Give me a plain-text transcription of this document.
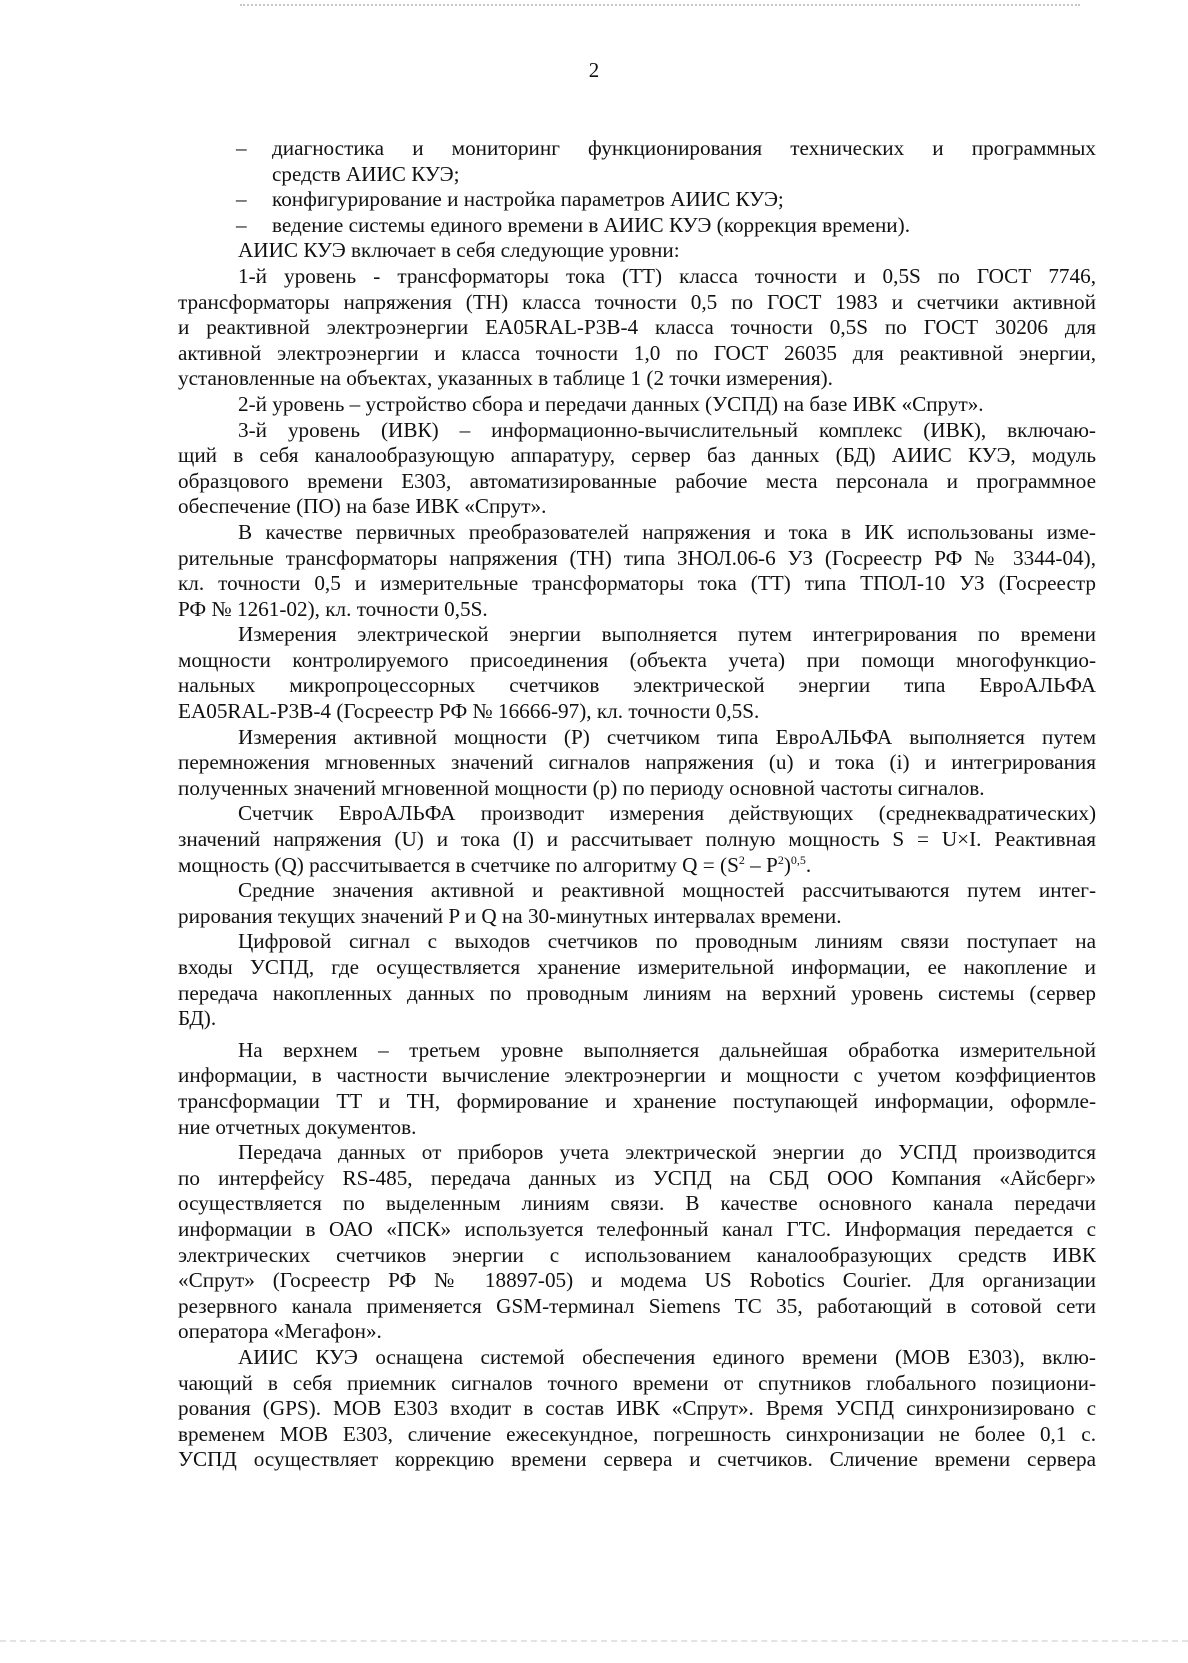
2
– диагностика и мониторинг функционирования технических и программных
средств АИИС КУЭ;
– конфигурирование и настройка параметров АИИС КУЭ;
– ведение системы единого времени в АИИС КУЭ (коррекция времени).
АИИС КУЭ включает в себя следующие уровни:
1-й уровень - трансформаторы тока (ТТ) класса точности и 0,5S по ГОСТ 7746,
трансформаторы напряжения (ТН) класса точности 0,5 по ГОСТ 1983 и счетчики активной
и реактивной электроэнергии EA05RAL-P3B-4 класса точности 0,5S по ГОСТ 30206 для
активной электроэнергии и класса точности 1,0 по ГОСТ 26035 для реактивной энергии,
установленные на объектах, указанных в таблице 1 (2 точки измерения).
2-й уровень – устройство сбора и передачи данных (УСПД) на базе ИВК «Спрут».
3-й уровень (ИВК) – информационно-вычислительный комплекс (ИВК), включаю-
щий в себя каналообразующую аппаратуру, сервер баз данных (БД) АИИС КУЭ, модуль
образцового времени Е303, автоматизированные рабочие места персонала и программное
обеспечение (ПО) на базе ИВК «Спрут».
В качестве первичных преобразователей напряжения и тока в ИК использованы изме-
рительные трансформаторы напряжения (ТН) типа ЗНОЛ.06-6 УЗ (Госреестр РФ № 3344-04),
кл. точности 0,5 и измерительные трансформаторы тока (ТТ) типа ТПОЛ-10 УЗ (Госреестр
РФ № 1261-02), кл. точности 0,5S.
Измерения электрической энергии выполняется путем интегрирования по времени
мощности контролируемого присоединения (объекта учета) при помощи многофункцио-
нальных микропроцессорных счетчиков электрической энергии типа ЕвроАЛЬФА
ЕА05RAL-P3B-4 (Госреестр РФ № 16666-97), кл. точности 0,5S.
Измерения активной мощности (Р) счетчиком типа ЕвроАЛЬФА выполняется путем
перемножения мгновенных значений сигналов напряжения (u) и тока (i) и интегрирования
полученных значений мгновенной мощности (p) по периоду основной частоты сигналов.
Счетчик ЕвроАЛЬФА производит измерения действующих (среднеквадратических)
значений напряжения (U) и тока (I) и рассчитывает полную мощность S = U×I. Реактивная
мощность (Q) рассчитывается в счетчике по алгоритму $Q = (S^2 - P^2)^{0,5}$.
Средние значения активной и реактивной мощностей рассчитываются путем интег-
рирования текущих значений P и Q на 30-минутных интервалах времени.
Цифровой сигнал с выходов счетчиков по проводным линиям связи поступает на
входы УСПД, где осуществляется хранение измерительной информации, ее накопление и
передача накопленных данных по проводным линиям на верхний уровень системы (сервер
БД).
На верхнем – третьем уровне выполняется дальнейшая обработка измерительной
информации, в частности вычисление электроэнергии и мощности с учетом коэффициентов
трансформации ТТ и ТН, формирование и хранение поступающей информации, оформле-
ние отчетных документов.
Передача данных от приборов учета электрической энергии до УСПД производится
по интерфейсу RS-485, передача данных из УСПД на СБД ООО Компания «Айсберг»
осуществляется по выделенным линиям связи. В качестве основного канала передачи
информации в ОАО «ПСК» используется телефонный канал ГТС. Информация передается с
электрических счетчиков энергии с использованием каналообразующих средств ИВК
«Спрут» (Госреестр РФ № 18897-05) и модема US Robotics Courier. Для организации
резервного канала применяется GSM-терминал Siemens TC 35, работающий в сотовой сети
оператора «Мегафон».
АИИС КУЭ оснащена системой обеспечения единого времени (МОВ Е303), вклю-
чающий в себя приемник сигналов точного времени от спутников глобального позициони-
рования (GPS). МОВ Е303 входит в состав ИВК «Спрут». Время УСПД синхронизировано с
временем МОВ Е303, сличение ежесекундное, погрешность синхронизации не более 0,1 с.
УСПД осуществляет коррекцию времени сервера и счетчиков. Сличение времени сервера
